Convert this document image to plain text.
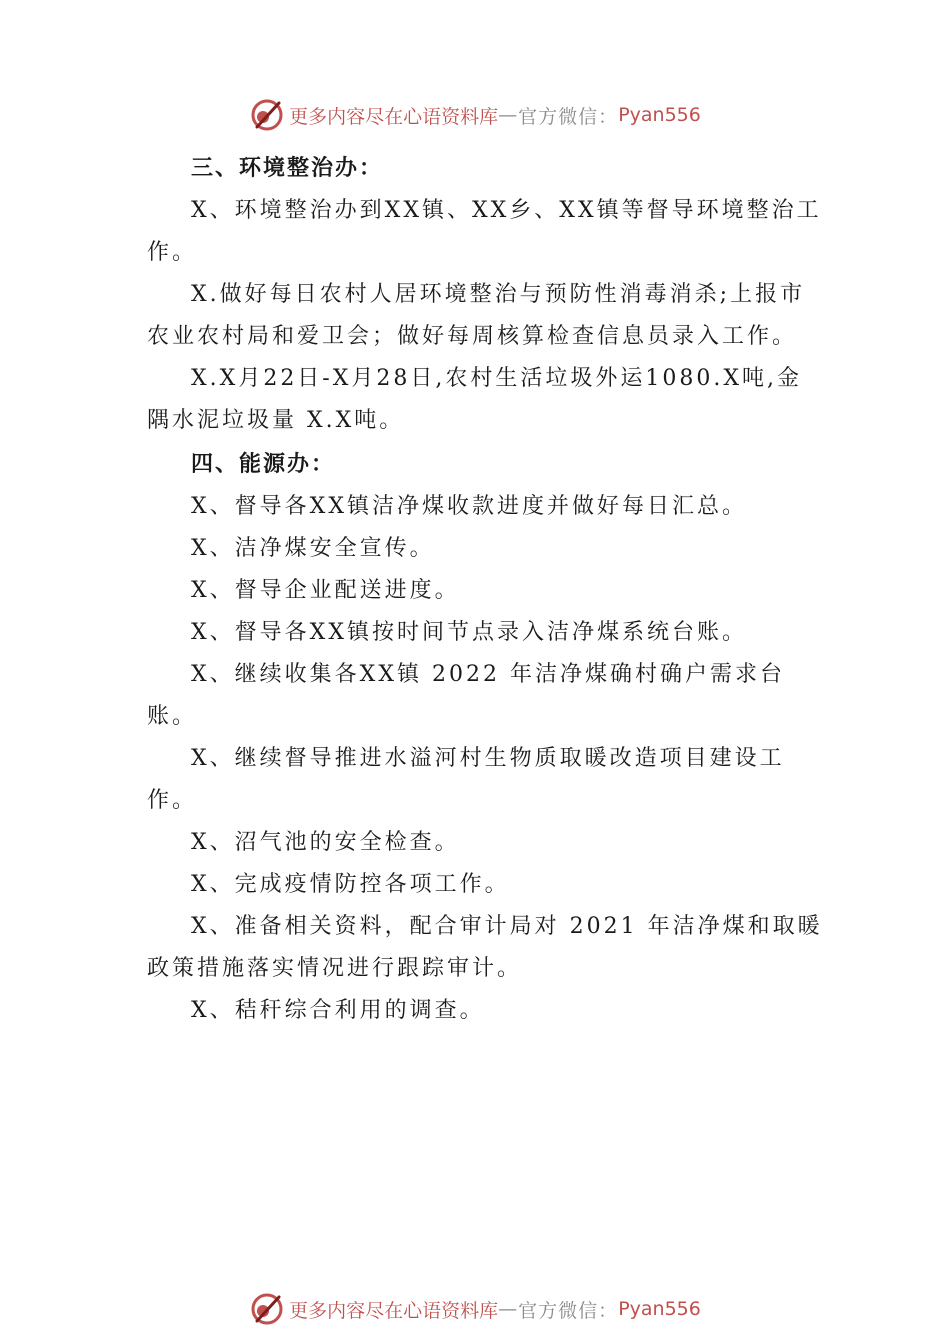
更多内容尽在心语资料库 — 官方微信： Pyan556

三、环境整治办：

X、环境整治办到XX镇、XX乡、XX镇等督导环境整治工作。

X.做好每日农村人居环境整治与预防性消毒消杀;上报市农业农村局和爱卫会；做好每周核算检查信息员录入工作。

X.X月22日-X月28日,农村生活垃圾外运1080.X吨,金隅水泥垃圾量 X.X吨。

四、能源办：

X、督导各XX镇洁净煤收款进度并做好每日汇总。

X、洁净煤安全宣传。

X、督导企业配送进度。

X、督导各XX镇按时间节点录入洁净煤系统台账。

X、继续收集各XX镇 2022 年洁净煤确村确户需求台账。

X、继续督导推进水溢河村生物质取暖改造项目建设工作。

X、沼气池的安全检查。

X、完成疫情防控各项工作。

X、准备相关资料，配合审计局对 2021 年洁净煤和取暖政策措施落实情况进行跟踪审计。

X、秸秆综合利用的调查。

更多内容尽在心语资料库 — 官方微信： Pyan556
